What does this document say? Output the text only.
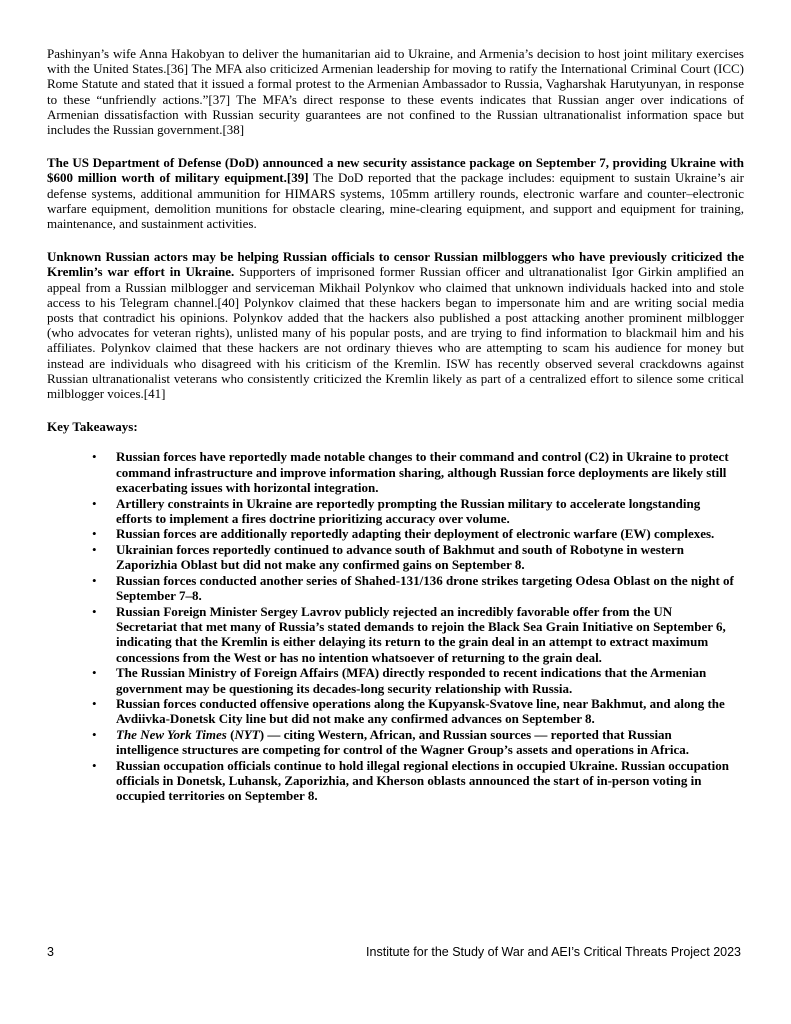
Pashinyan’s wife Anna Hakobyan to deliver the humanitarian aid to Ukraine, and Armenia’s decision to host joint military exercises with the United States.[36] The MFA also criticized Armenian leadership for moving to ratify the International Criminal Court (ICC) Rome Statute and stated that it issued a formal protest to the Armenian Ambassador to Russia, Vagharshak Harutyunyan, in response to these “unfriendly actions.”[37] The MFA’s direct response to these events indicates that Russian anger over indications of Armenian dissatisfaction with Russian security guarantees are not confined to the Russian ultranationalist information space but includes the Russian government.[38]

The US Department of Defense (DoD) announced a new security assistance package on September 7, providing Ukraine with $600 million worth of military equipment.[39] The DoD reported that the package includes: equipment to sustain Ukraine’s air defense systems, additional ammunition for HIMARS systems, 105mm artillery rounds, electronic warfare and counter–electronic warfare equipment, demolition munitions for obstacle clearing, mine-clearing equipment, and support and equipment for training, maintenance, and sustainment activities.

Unknown Russian actors may be helping Russian officials to censor Russian milbloggers who have previously criticized the Kremlin’s war effort in Ukraine. Supporters of imprisoned former Russian officer and ultranationalist Igor Girkin amplified an appeal from a Russian milblogger and serviceman Mikhail Polynkov who claimed that unknown individuals hacked into and stole access to his Telegram channel.[40] Polynkov claimed that these hackers began to impersonate him and are writing social media posts that contradict his opinions. Polynkov added that the hackers also published a post attacking another prominent milblogger (who advocates for veteran rights), unlisted many of his popular posts, and are trying to find information to blackmail him and his affiliates. Polynkov claimed that these hackers are not ordinary thieves who are attempting to scam his audience for money but instead are individuals who disagreed with his criticism of the Kremlin. ISW has recently observed several crackdowns against Russian ultranationalist veterans who consistently criticized the Kremlin likely as part of a centralized effort to silence some critical milblogger voices.[41]

Key Takeaways:
• Russian forces have reportedly made notable changes to their command and control (C2) in Ukraine to protect command infrastructure and improve information sharing, although Russian force deployments are likely still exacerbating issues with horizontal integration.
• Artillery constraints in Ukraine are reportedly prompting the Russian military to accelerate longstanding efforts to implement a fires doctrine prioritizing accuracy over volume.
• Russian forces are additionally reportedly adapting their deployment of electronic warfare (EW) complexes.
• Ukrainian forces reportedly continued to advance south of Bakhmut and south of Robotyne in western Zaporizhia Oblast but did not make any confirmed gains on September 8.
• Russian forces conducted another series of Shahed-131/136 drone strikes targeting Odesa Oblast on the night of September 7–8.
• Russian Foreign Minister Sergey Lavrov publicly rejected an incredibly favorable offer from the UN Secretariat that met many of Russia’s stated demands to rejoin the Black Sea Grain Initiative on September 6, indicating that the Kremlin is either delaying its return to the grain deal in an attempt to extract maximum concessions from the West or has no intention whatsoever of returning to the grain deal.
• The Russian Ministry of Foreign Affairs (MFA) directly responded to recent indications that the Armenian government may be questioning its decades-long security relationship with Russia.
• Russian forces conducted offensive operations along the Kupyansk-Svatove line, near Bakhmut, and along the Avdiivka-Donetsk City line but did not make any confirmed advances on September 8.
• The New York Times (NYT) — citing Western, African, and Russian sources — reported that Russian intelligence structures are competing for control of the Wagner Group’s assets and operations in Africa.
• Russian occupation officials continue to hold illegal regional elections in occupied Ukraine. Russian occupation officials in Donetsk, Luhansk, Zaporizhia, and Kherson oblasts announced the start of in-person voting in occupied territories on September 8.
3	Institute for the Study of War and AEI’s Critical Threats Project 2023
